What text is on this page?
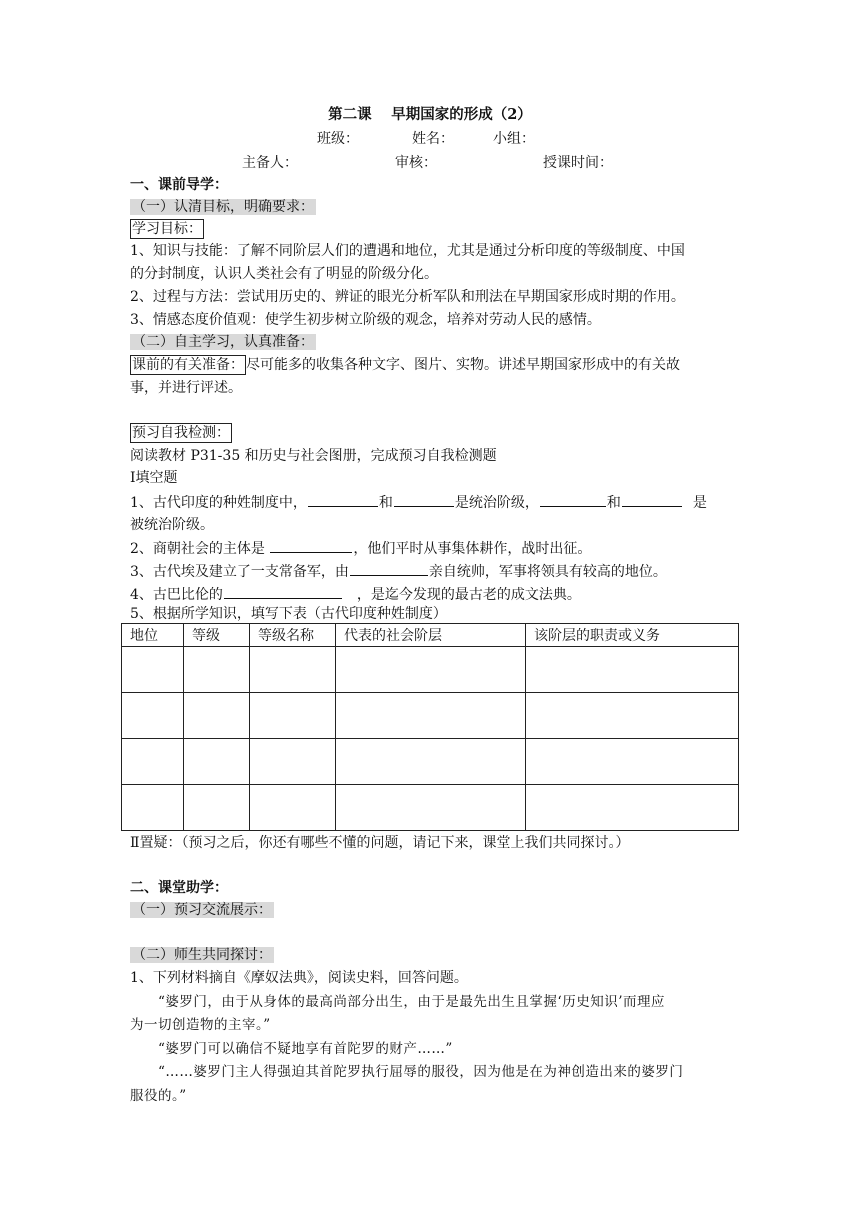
第二课　 早期国家的形成（2）
班级：	姓名：	小组：
主备人：	审核：	授课时间：
一、课前导学：
（一）认清目标，明确要求：
学习目标：
1、知识与技能：了解不同阶层人们的遭遇和地位，尤其是通过分析印度的等级制度、中国
的分封制度，认识人类社会有了明显的阶级分化。
2、过程与方法：尝试用历史的、辨证的眼光分析军队和刑法在早期国家形成时期的作用。
3、情感态度价值观：使学生初步树立阶级的观念，培养对劳动人民的感情。
（二）自主学习，认真准备：
课前的有关准备： 尽可能多的收集各种文字、图片、实物。讲述早期国家形成中的有关故
事，并进行评述。
预习自我检测：
阅读教材 P31-35 和历史与社会图册，完成预习自我检测题
Ⅰ填空题
1、古代印度的种姓制度中，	和	是统治阶级，	和	是
被统治阶级。
2、商朝社会的主体是	，他们平时从事集体耕作，战时出征。
3、古代埃及建立了一支常备军，由	亲自统帅，军事将领具有较高的地位。
4、古巴比伦的	，是迄今发现的最古老的成文法典。
5、根据所学知识，填写下表（古代印度种姓制度）
地位	等级	等级名称	代表的社会阶层	该阶层的职责或义务

Ⅱ置疑：（预习之后，你还有哪些不懂的问题，请记下来，课堂上我们共同探讨。）
二、课堂助学：
（一）预习交流展示：
（二）师生共同探讨：
1、下列材料摘自《摩奴法典》，阅读史料，回答问题。
“婆罗门，由于从身体的最高尚部分出生，由于是最先出生且掌握‘历史知识’而理应
为一切创造物的主宰。”
“婆罗门可以确信不疑地享有首陀罗的财产……”
“……婆罗门主人得强迫其首陀罗执行屈辱的服役，因为他是在为神创造出来的婆罗门
服役的。”
